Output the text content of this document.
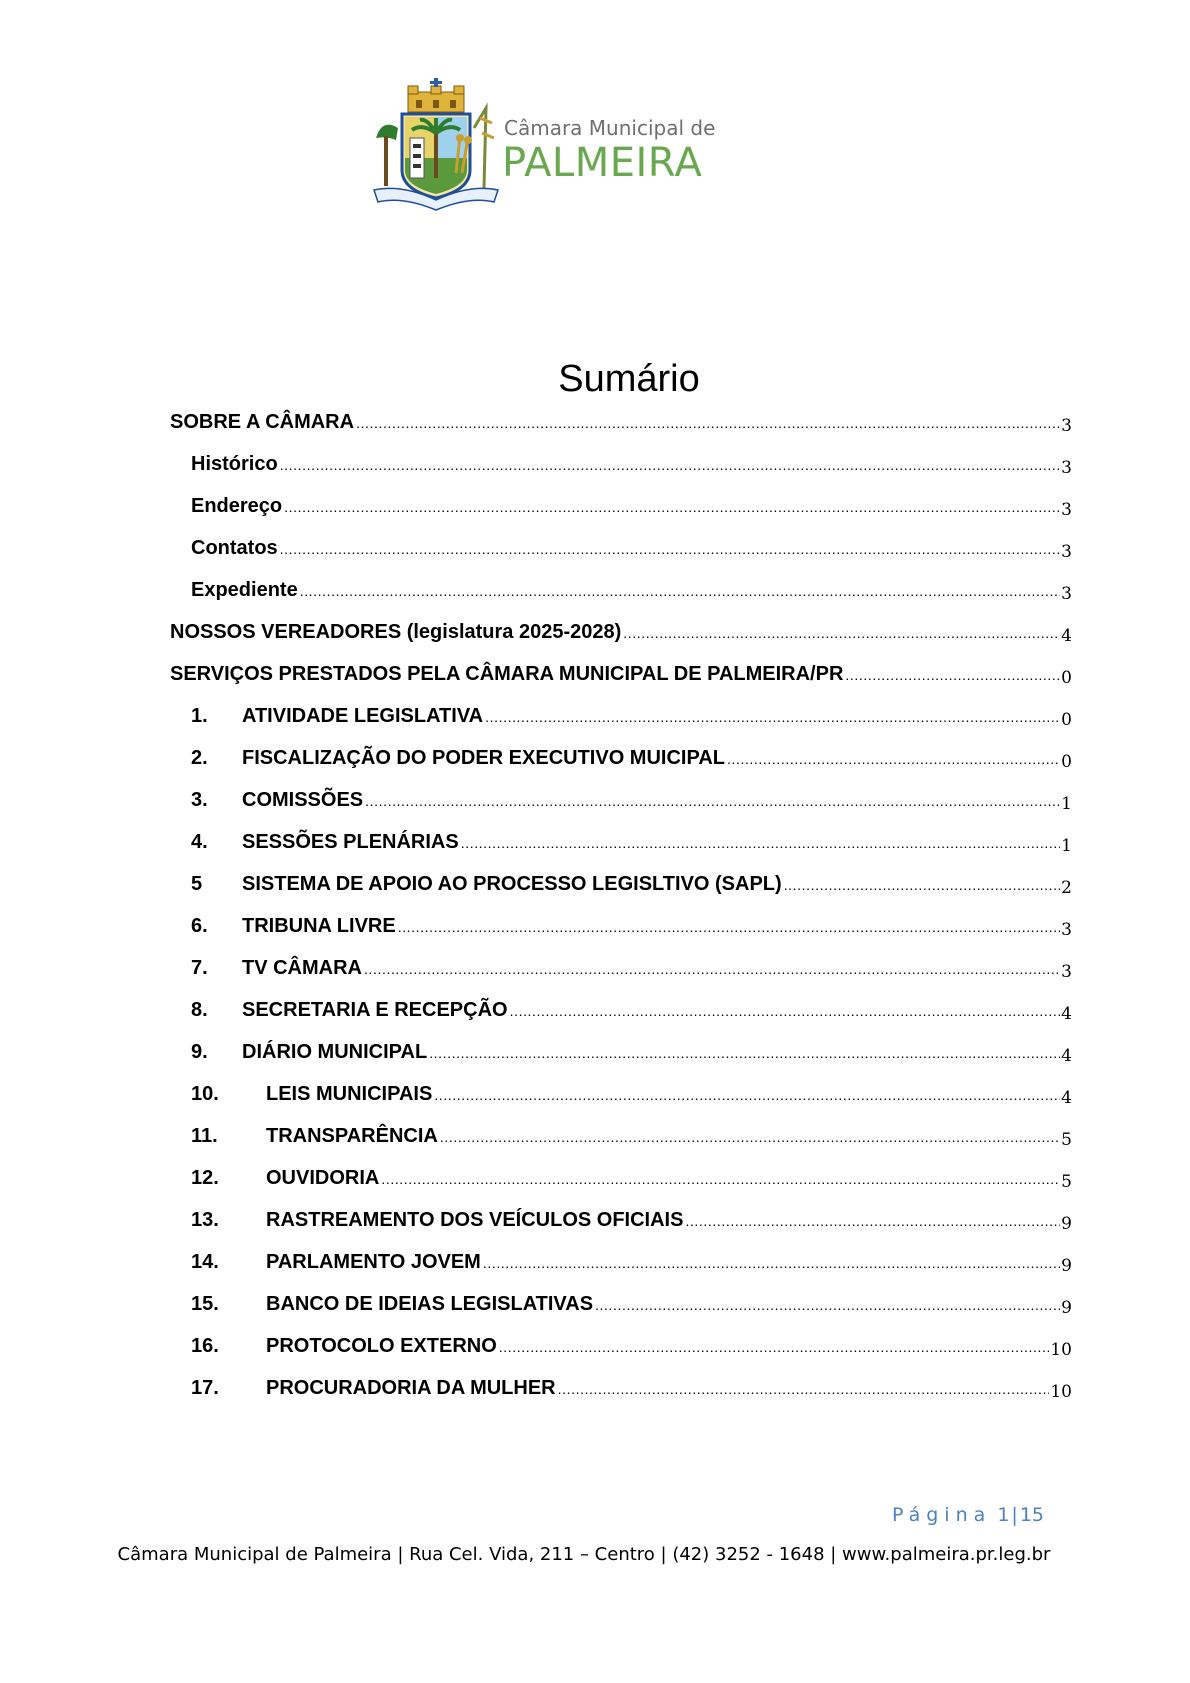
Câmara Municipal de
PALMEIRA
Sumário
SOBRE A CÂMARA .....	3
Histórico .....	3
Endereço .....	3
Contatos .....	3
Expediente .....	3
NOSSOS VEREADORES (legislatura 2025-2028) .....	4
SERVIÇOS PRESTADOS PELA CÂMARA MUNICIPAL DE PALMEIRA/PR .....	0
1.	ATIVIDADE LEGISLATIVA .....	0
2.	FISCALIZAÇÃO DO PODER EXECUTIVO MUICIPAL .....	0
3.	COMISSÕES .....	1
4.	SESSÕES PLENÁRIAS .....	1
5	SISTEMA DE APOIO AO PROCESSO LEGISLTIVO (SAPL) .....	2
6.	TRIBUNA LIVRE .....	3
7.	TV CÂMARA .....	3
8.	SECRETARIA E RECEPÇÃO .....	4
9.	DIÁRIO MUNICIPAL .....	4
10.	LEIS MUNICIPAIS .....	4
11.	TRANSPARÊNCIA .....	5
12.	OUVIDORIA .....	5
13.	RASTREAMENTO DOS VEÍCULOS OFICIAIS .....	9
14.	PARLAMENTO JOVEM .....	9
15.	BANCO DE IDEIAS LEGISLATIVAS .....	9
16.	PROTOCOLO EXTERNO .....	10
17.	PROCURADORIA DA MULHER .....	10
Página 1 | 15
Câmara Municipal de Palmeira | Rua Cel. Vida, 211 – Centro | (42) 3252 - 1648 | www.palmeira.pr.leg.br
